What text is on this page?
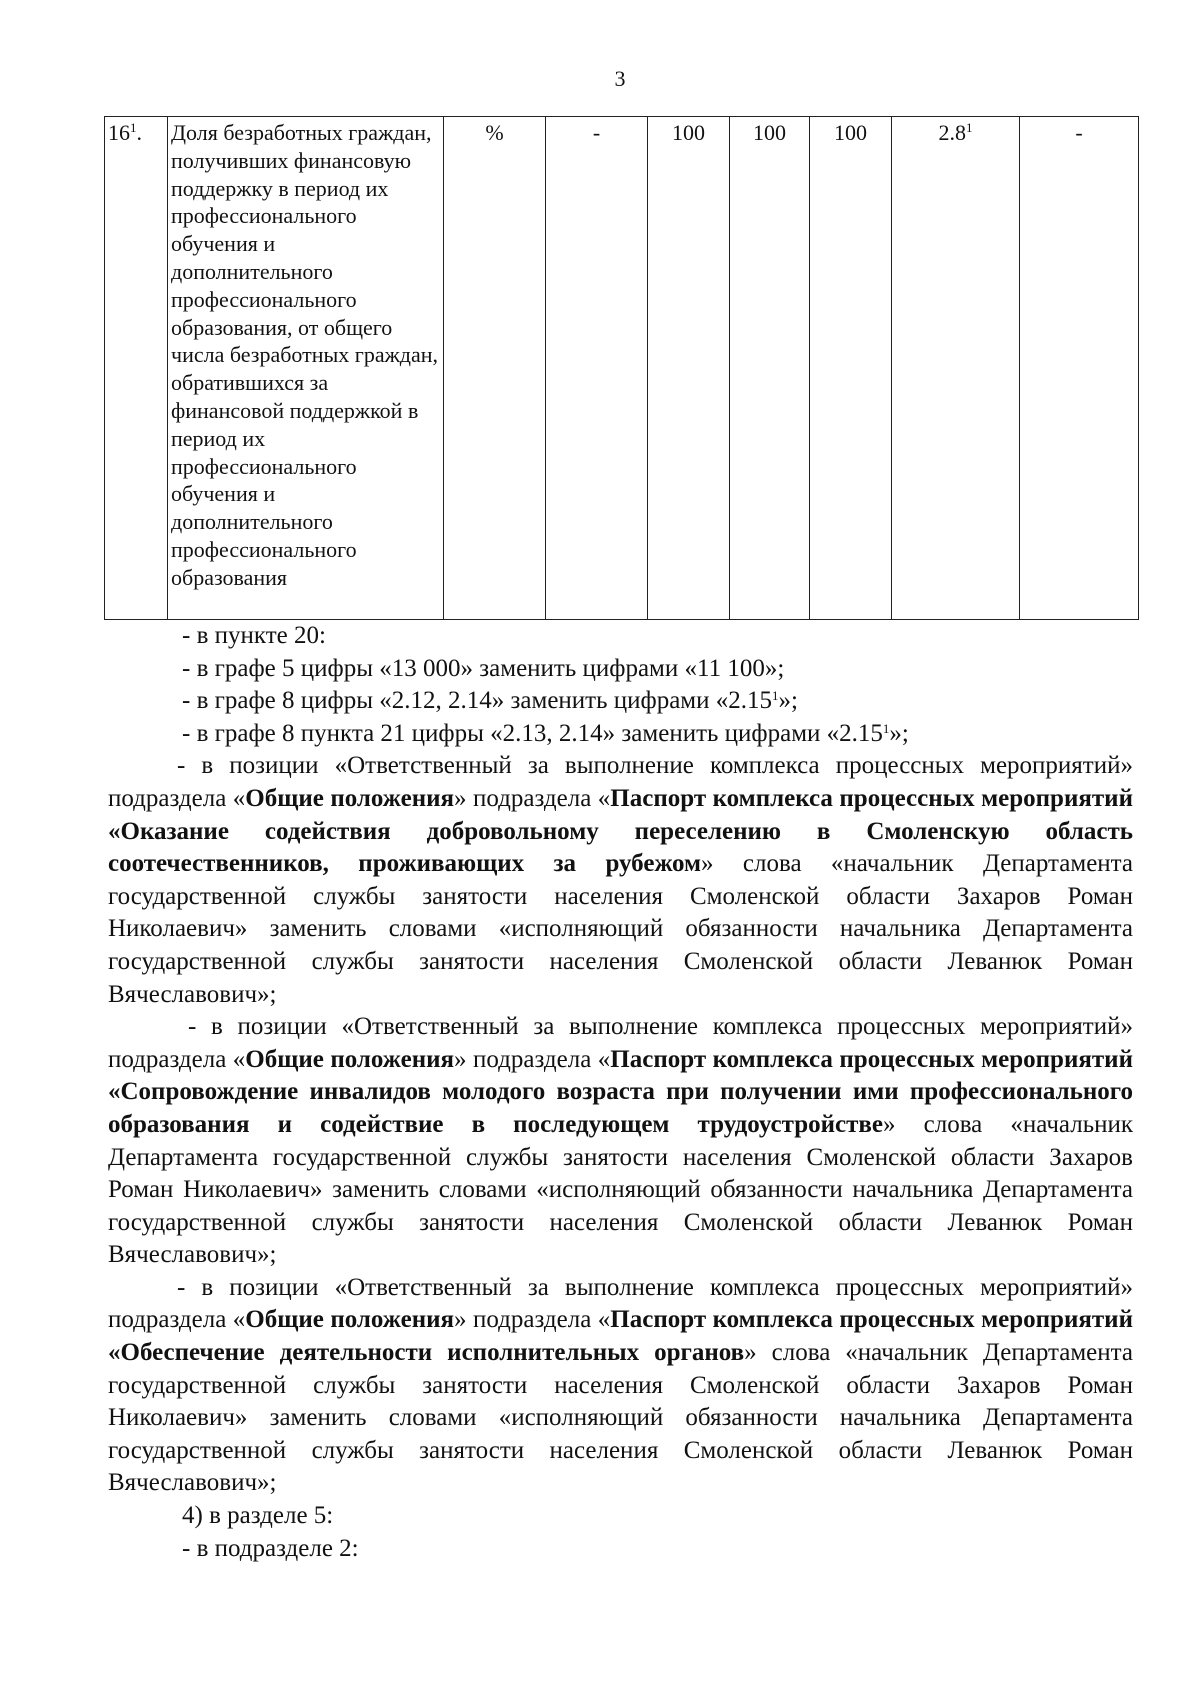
3
$16^1$.	Доля безработных граждан, получивших финансовую поддержку в период их профессионального обучения и дополнительного профессионального образования, от общего числа безработных граждан, обратившихся за финансовой поддержкой в период их профессионального обучения и дополнительного профессионального образования	%	-	100	100	100	$2.8^1$	-

- в пункте 20:

- в графе 5 цифры «13 000» заменить цифрами «11 100»;

- в графе 8 цифры «2.12, 2.14» заменить цифрами «2.15$^1$»;

- в графе 8 пункта 21 цифры «2.13, 2.14» заменить цифрами «2.15$^1$»;

- в позиции «Ответственный за выполнение комплекса процессных мероприятий» подраздела «Общие положения» подраздела «Паспорт комплекса процессных мероприятий «Оказание содействия добровольному переселению в Смоленскую область соотечественников, проживающих за рубежом» слова «начальник Департамента государственной службы занятости населения Смоленской области Захаров Роман Николаевич» заменить словами «исполняющий обязанности начальника Департамента государственной службы занятости населения Смоленской области Леванюк Роман Вячеславович»;

- в позиции «Ответственный за выполнение комплекса процессных мероприятий» подраздела «Общие положения» подраздела «Паспорт комплекса процессных мероприятий «Сопровождение инвалидов молодого возраста при получении ими профессионального образования и содействие в последующем трудоустройстве» слова «начальник Департамента государственной службы занятости населения Смоленской области Захаров Роман Николаевич» заменить словами «исполняющий обязанности начальника Департамента государственной службы занятости населения Смоленской области Леванюк Роман Вячеславович»;

- в позиции «Ответственный за выполнение комплекса процессных мероприятий» подраздела «Общие положения» подраздела «Паспорт комплекса процессных мероприятий «Обеспечение деятельности исполнительных органов» слова «начальник Департамента государственной службы занятости населения Смоленской области Захаров Роман Николаевич» заменить словами «исполняющий обязанности начальника Департамента государственной службы занятости населения Смоленской области Леванюк Роман Вячеславович»;

4) в разделе 5:

- в подразделе 2:
